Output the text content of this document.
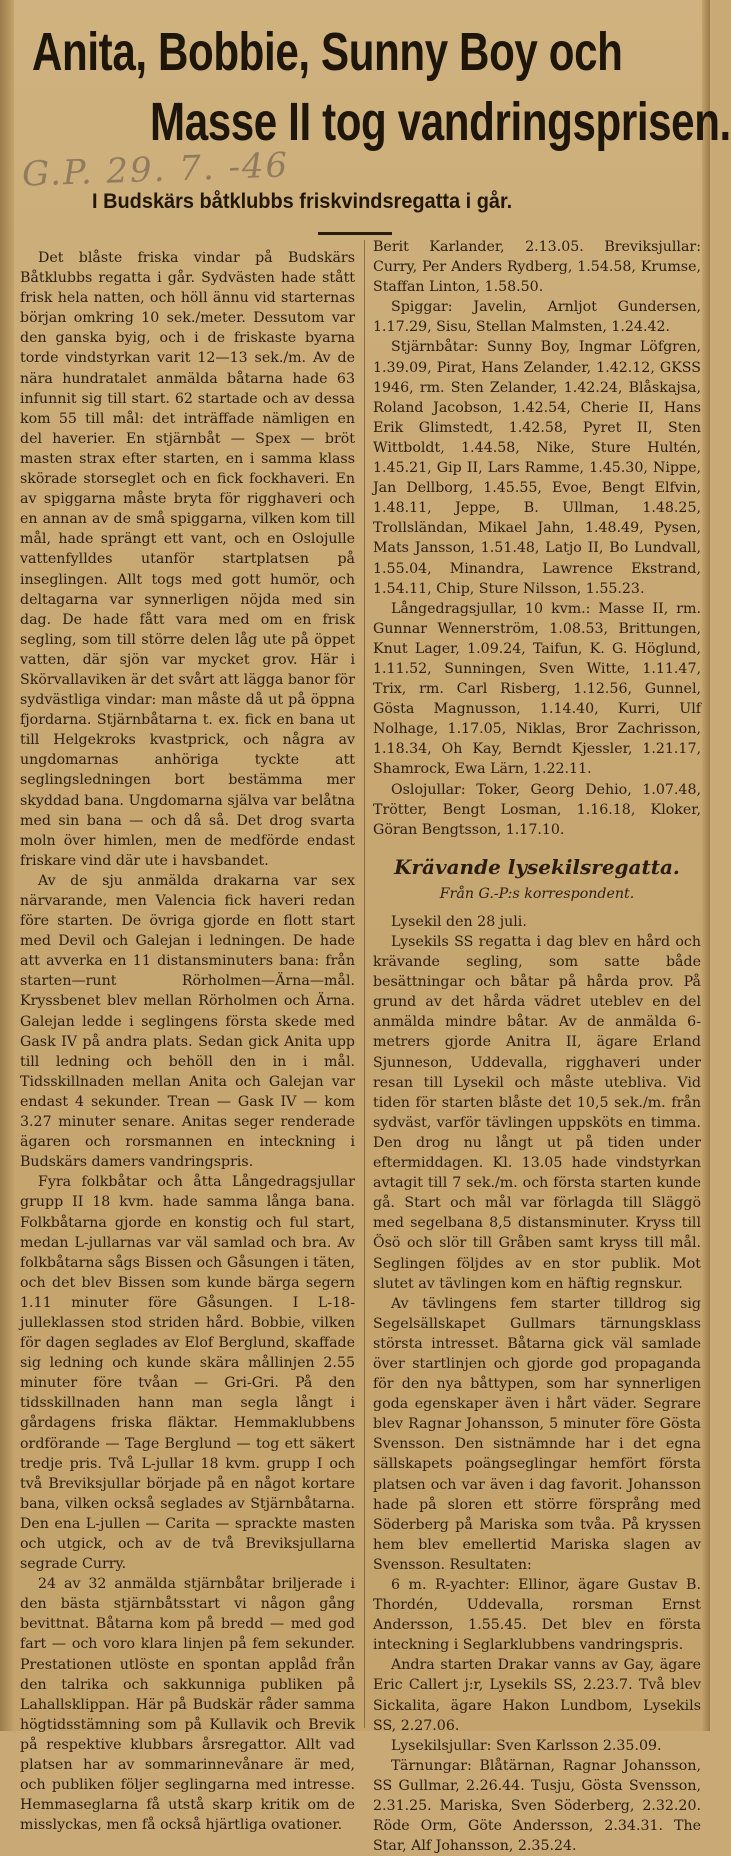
Anita, Bobbie, Sunny Boy och
Masse II tog vandringsprisen.
G.P. 29. 7. -46
I Budskärs båtklubbs friskvindsregatta i går.

Det blåste friska vindar på Budskärs Båtklubbs regatta i går. Sydvästen hade stått frisk hela natten, och höll ännu vid starternas början omkring 10 sek./meter. Dessutom var den ganska byig, och i de friskaste byarna torde vindstyrkan varit 12—13 sek./m. Av de nära hundratalet anmälda båtarna hade 63 infunnit sig till start. 62 startade och av dessa kom 55 till mål: det inträffade nämligen en del haverier. En stjärnbåt — Spex — bröt masten strax efter starten, en i samma klass skörade storseglet och en fick fockhaveri. En av spiggarna måste bryta för rigghaveri och en annan av de små spiggarna, vilken kom till mål, hade sprängt ett vant, och en Oslojulle vattenfylldes utanför startplatsen på inseglingen. Allt togs med gott humör, och deltagarna var synnerligen nöjda med sin dag. De hade fått vara med om en frisk segling, som till större delen låg ute på öppet vatten, där sjön var mycket grov. Här i Skörvallaviken är det svårt att lägga banor för sydvästliga vindar: man måste då ut på öppna fjordarna. Stjärnbåtarna t. ex. fick en bana ut till Helgekroks kvastprick, och några av ungdomarnas anhöriga tyckte att seglingsledningen bort bestämma mer skyddad bana. Ungdomarna själva var belåtna med sin bana — och då så. Det drog svarta moln över himlen, men de medförde endast friskare vind där ute i havsbandet.

Av de sju anmälda drakarna var sex närvarande, men Valencia fick haveri redan före starten. De övriga gjorde en flott start med Devil och Galejan i ledningen. De hade att avverka en 11 distansminuters bana: från starten—runt Rörholmen—Ärna—mål. Kryssbenet blev mellan Rörholmen och Ärna. Galejan ledde i seglingens första skede med Gask IV på andra plats. Sedan gick Anita upp till ledning och behöll den in i mål. Tidsskillnaden mellan Anita och Galejan var endast 4 sekunder. Trean — Gask IV — kom 3.27 minuter senare. Anitas seger renderade ägaren och rorsmannen en inteckning i Budskärs damers vandringspris.

Fyra folkbåtar och åtta Långedragsjullar grupp II 18 kvm. hade samma långa bana. Folkbåtarna gjorde en konstig och ful start, medan L-jullarnas var väl samlad och bra. Av folkbåtarna sågs Bissen och Gåsungen i täten, och det blev Bissen som kunde bärga segern 1.11 minuter före Gåsungen. I L-18-julleklassen stod striden hård. Bobbie, vilken för dagen seglades av Elof Berglund, skaffade sig ledning och kunde skära mållinjen 2.55 minuter före tvåan — Gri-Gri. På den tidsskillnaden hann man segla långt i gårdagens friska fläktar. Hemmaklubbens ordförande — Tage Berglund — tog ett säkert tredje pris. Två L-jullar 18 kvm. grupp I och två Breviksjullar började på en något kortare bana, vilken också seglades av Stjärnbåtarna. Den ena L-jullen — Carita — sprackte masten och utgick, och av de två Breviksjullarna segrade Curry.

24 av 32 anmälda stjärnbåtar briljerade i den bästa stjärnbåtsstart vi någon gång bevittnat. Båtarna kom på bredd — med god fart — och voro klara linjen på fem sekunder. Prestationen utlöste en spontan applåd från den talrika och sakkunniga publiken på Lahallsklippan. Här på Budskär råder samma högtidsstämning som på Kullavik och Brevik på respektive klubbars årsregattor. Allt vad platsen har av sommarinnevånare är med, och publiken följer seglingarna med intresse. Hemmaseglarna få utstå skarp kritik om de misslyckas, men få också hjärtliga ovationer.

Berit Karlander, 2.13.05. Breviksjullar: Curry, Per Anders Rydberg, 1.54.58, Krumse, Staffan Linton, 1.58.50.

Spiggar: Javelin, Arnljot Gundersen, 1.17.29, Sisu, Stellan Malmsten, 1.24.42.

Stjärnbåtar: Sunny Boy, Ingmar Löfgren, 1.39.09, Pirat, Hans Zelander, 1.42.12, GKSS 1946, rm. Sten Zelander, 1.42.24, Blåskajsa, Roland Jacobson, 1.42.54, Cherie II, Hans Erik Glimstedt, 1.42.58, Pyret II, Sten Wittboldt, 1.44.58, Nike, Sture Hultén, 1.45.21, Gip II, Lars Ramme, 1.45.30, Nippe, Jan Dellborg, 1.45.55, Evoe, Bengt Elfvin, 1.48.11, Jeppe, B. Ullman, 1.48.25, Trollsländan, Mikael Jahn, 1.48.49, Pysen, Mats Jansson, 1.51.48, Latjo II, Bo Lundvall, 1.55.04, Minandra, Lawrence Ekstrand, 1.54.11, Chip, Sture Nilsson, 1.55.23.

Långedragsjullar, 10 kvm.: Masse II, rm. Gunnar Wennerström, 1.08.53, Brittungen, Knut Lager, 1.09.24, Taifun, K. G. Höglund, 1.11.52, Sunningen, Sven Witte, 1.11.47, Trix, rm. Carl Risberg, 1.12.56, Gunnel, Gösta Magnusson, 1.14.40, Kurri, Ulf Nolhage, 1.17.05, Niklas, Bror Zachrisson, 1.18.34, Oh Kay, Berndt Kjessler, 1.21.17, Shamrock, Ewa Lärn, 1.22.11.

Oslojullar: Toker, Georg Dehio, 1.07.48, Trötter, Bengt Losman, 1.16.18, Kloker, Göran Bengtsson, 1.17.10.

Krävande lysekilsregatta.
Från G.-P:s korrespondent.

Lysekil den 28 juli.

Lysekils SS regatta i dag blev en hård och krävande segling, som satte både besättningar och båtar på hårda prov. På grund av det hårda vädret uteblev en del anmälda mindre båtar. Av de anmälda 6-metrers gjorde Anitra II, ägare Erland Sjunneson, Uddevalla, rigghaveri under resan till Lysekil och måste utebliva. Vid tiden för starten blåste det 10,5 sek./m. från sydväst, varför tävlingen uppsköts en timma. Den drog nu långt ut på tiden under eftermiddagen. Kl. 13.05 hade vindstyrkan avtagit till 7 sek./m. och första starten kunde gå. Start och mål var förlagda till Släggö med segelbana 8,5 distansminuter. Kryss till Ösö och slör till Gråben samt kryss till mål. Seglingen följdes av en stor publik. Mot slutet av tävlingen kom en häftig regnskur.

Av tävlingens fem starter tilldrog sig Segelsällskapet Gullmars tärnungsklass största intresset. Båtarna gick väl samlade över startlinjen och gjorde god propaganda för den nya båttypen, som har synnerligen goda egenskaper även i hårt väder. Segrare blev Ragnar Johansson, 5 minuter före Gösta Svensson. Den sistnämnde har i det egna sällskapets poängseglingar hemfört första platsen och var även i dag favorit. Johansson hade på sloren ett större försprång med Söderberg på Mariska som tvåa. På kryssen hem blev emellertid Mariska slagen av Svensson. Resultaten:

6 m. R-yachter: Ellinor, ägare Gustav B. Thordén, Uddevalla, rorsman Ernst Andersson, 1.55.45. Det blev en första inteckning i Seglarklubbens vandringspris.

Andra starten Drakar vanns av Gay, ägare Eric Callert j:r, Lysekils SS, 2.23.7. Två blev Sickalita, ägare Hakon Lundbom, Lysekils SS, 2.27.06.

Lysekilsjullar: Sven Karlsson 2.35.09.

Tärnungar: Blåtärnan, Ragnar Johansson, SS Gullmar, 2.26.44. Tusju, Gösta Svensson, 2.31.25. Mariska, Sven Söderberg, 2.32.20. Röde Orm, Göte Andersson, 2.34.31. The Star, Alf Johansson, 2.35.24.
